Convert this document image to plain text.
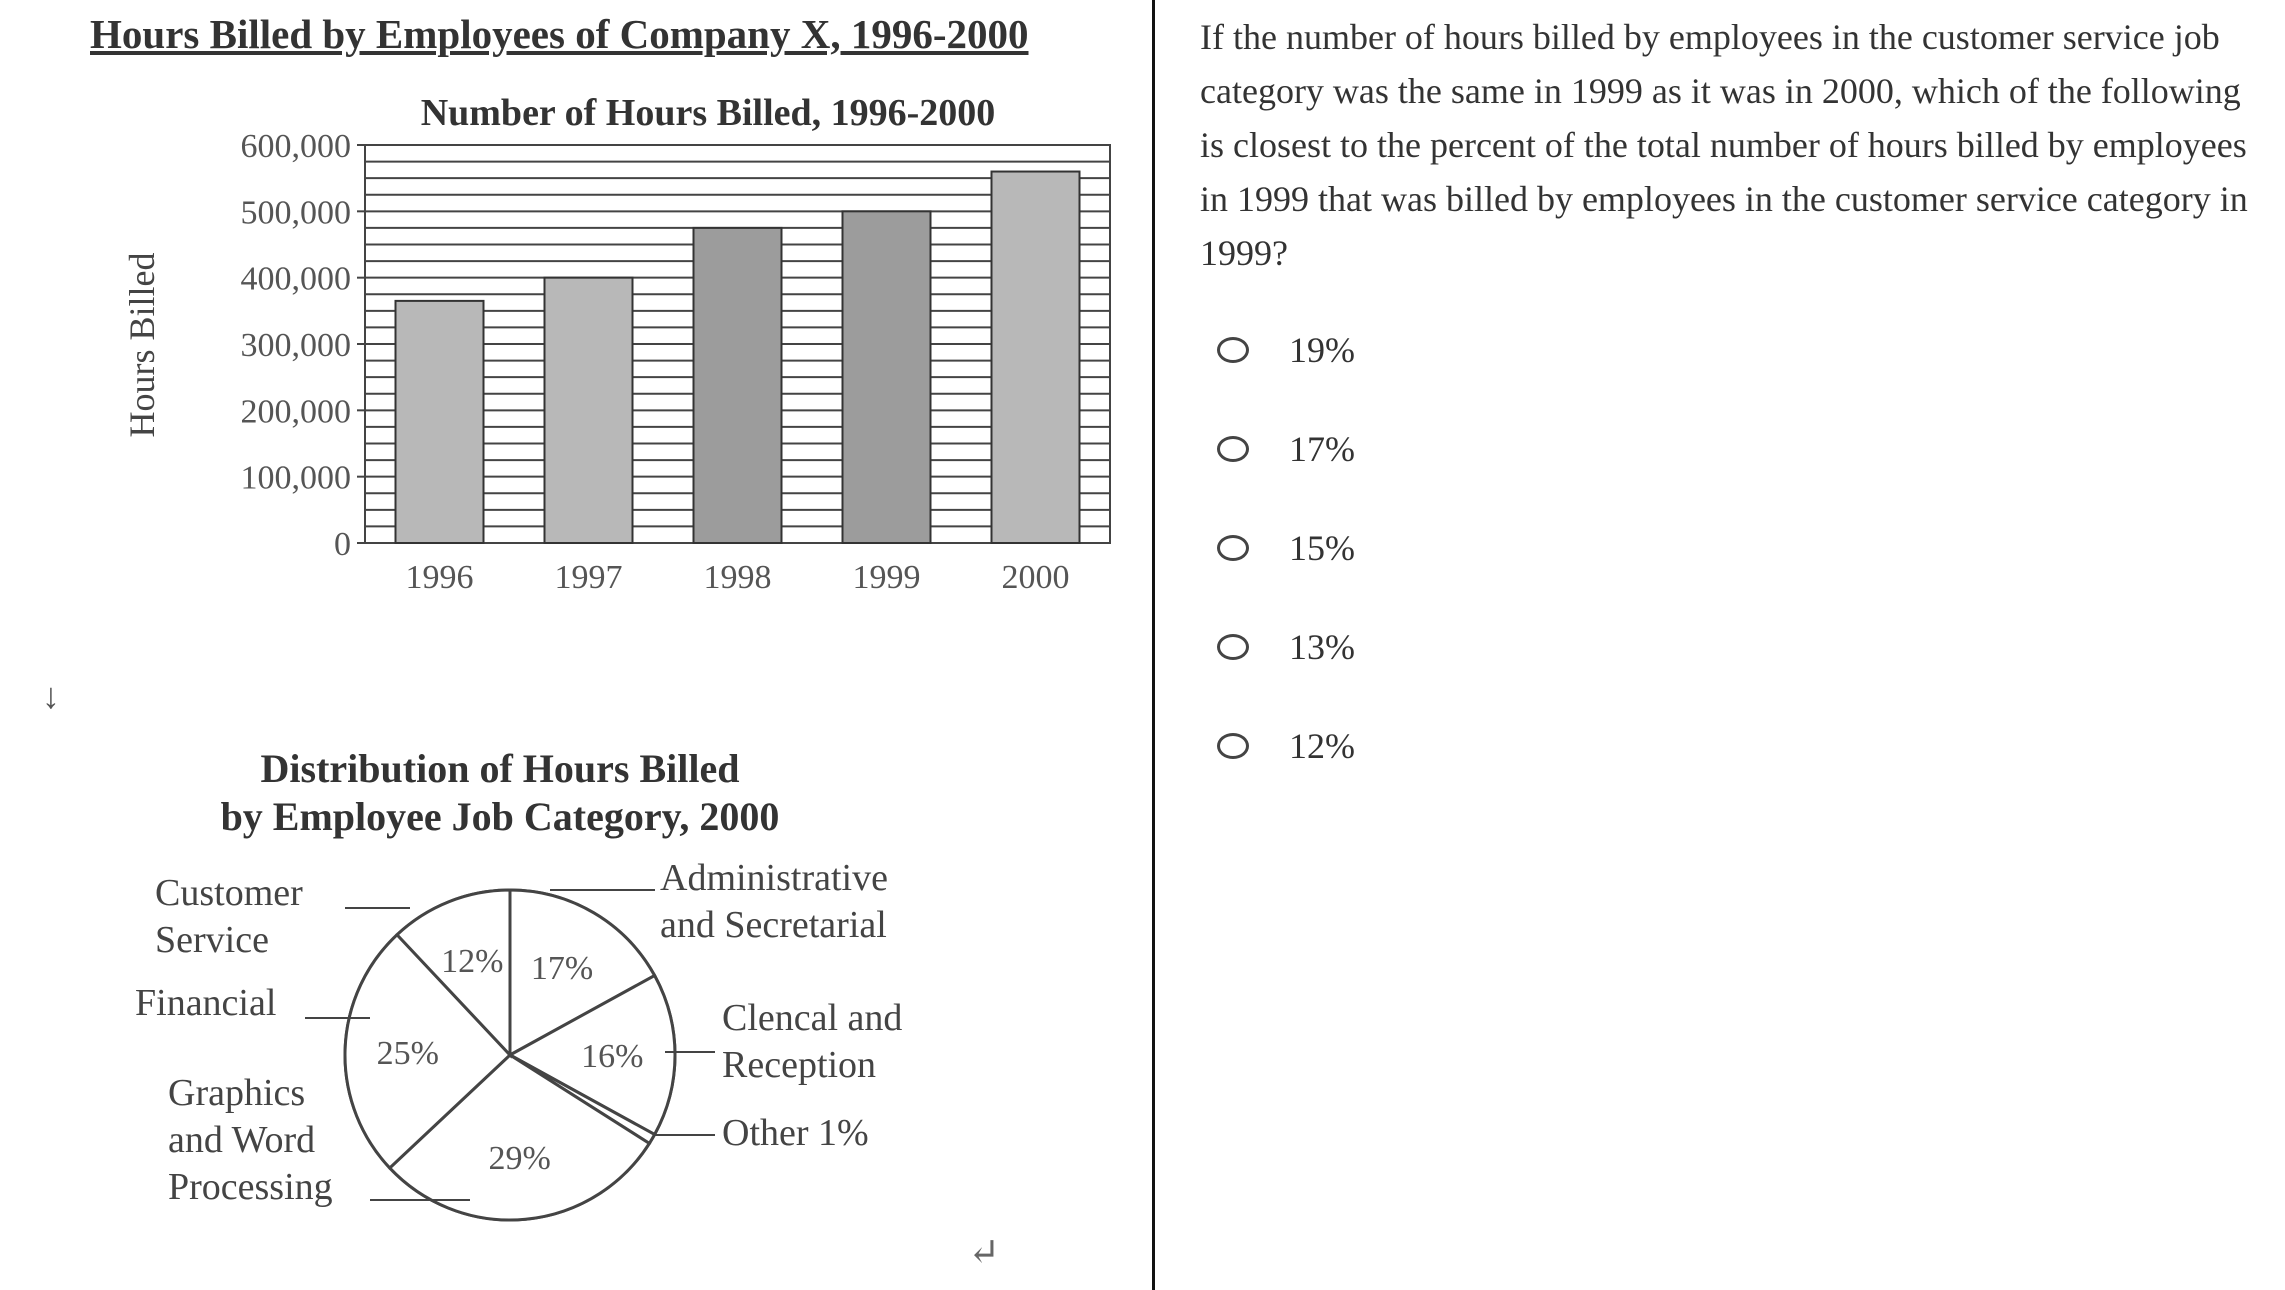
Hours Billed by Employees of Company X, 1996-2000
Number of Hours Billed, 1996-2000
0
100,000
200,000
300,000
400,000
500,000
600,000
Hours Billed
1996 1997 1998 1999 2000
↓
Distribution of Hours Billed
by Employee Job Category, 2000
17%
Administrative
and Secretarial
16%
Clencal and
Reception
Other 1%
29%
Graphics
and Word
Processing
25%
Financial
12%
Customer
Service
↵
If the number of hours billed by employees in the customer service job category was the same in 1999 as it was in 2000, which of the following is closest to the percent of the total number of hours billed by employees in 1999 that was billed by employees in the customer service category in 1999?
19%
17%
15%
13%
12%
